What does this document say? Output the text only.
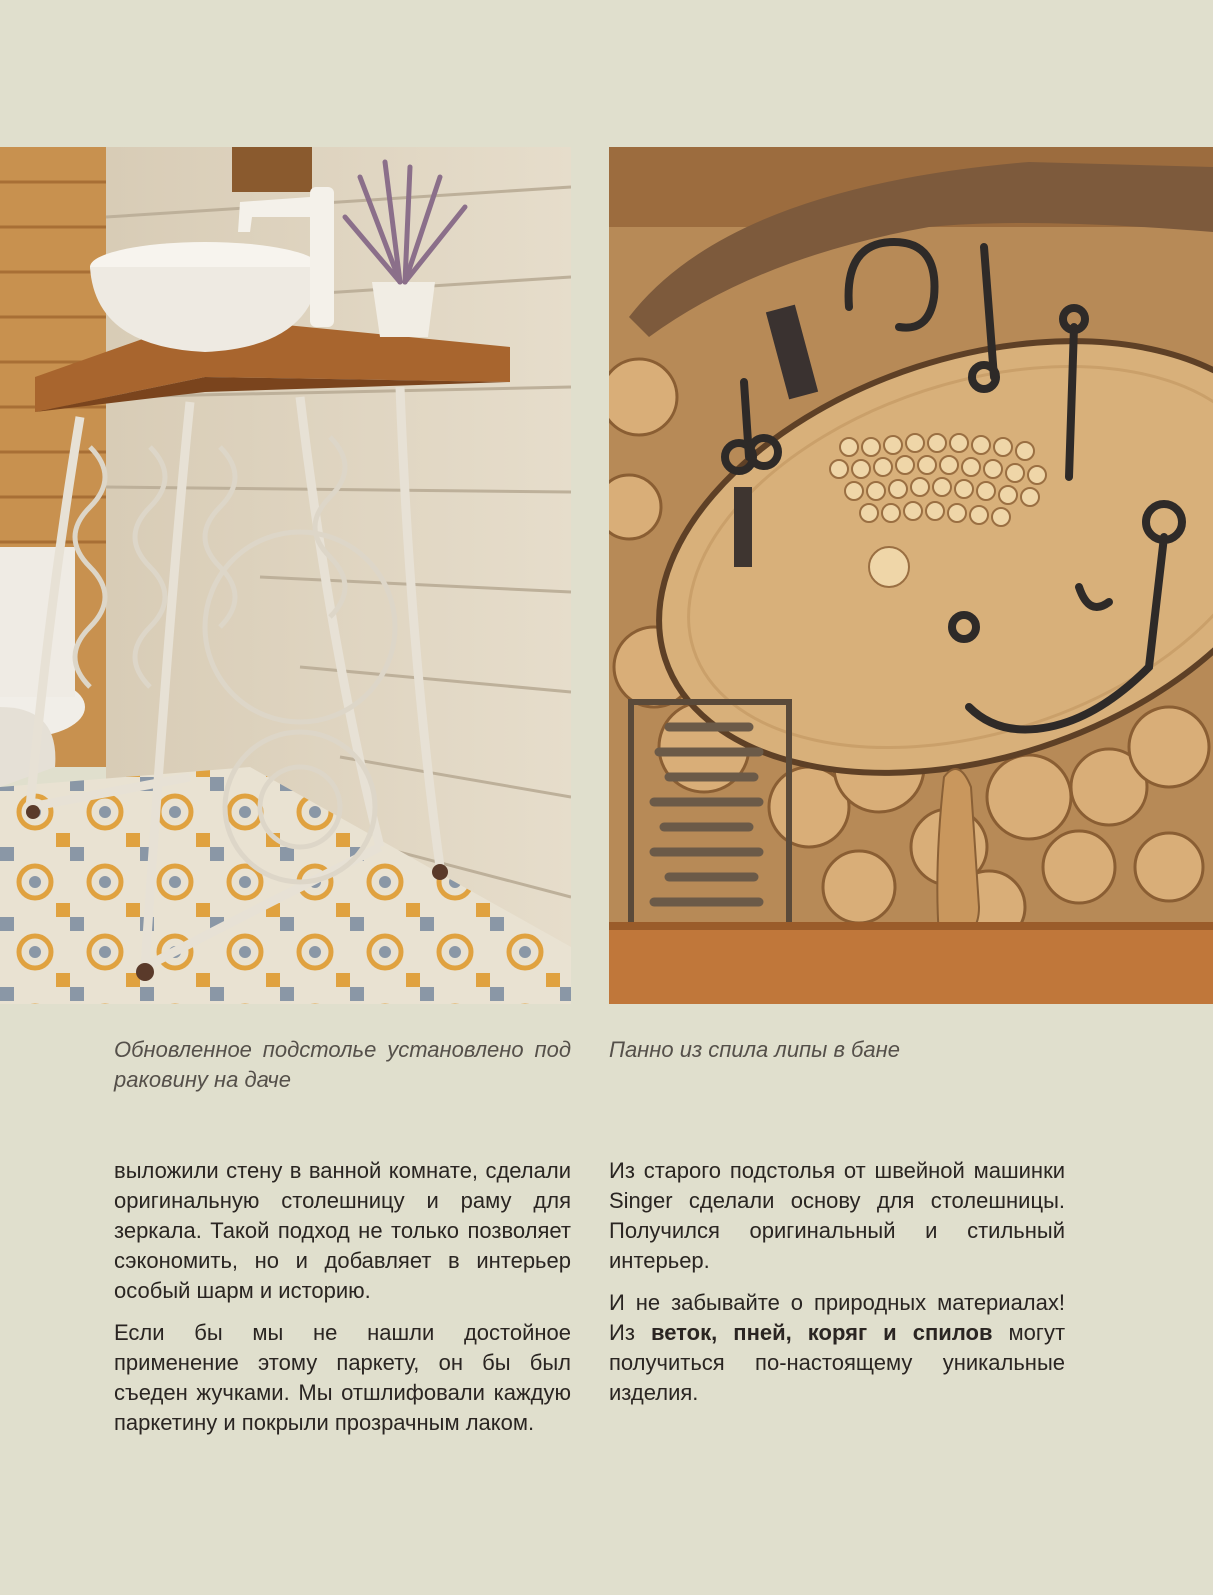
Обновленное подстолье установлено под раковину на даче

Панно из спила липы в бане

выложили стену в ванной комнате, сделали оригинальную столешницу и раму для зеркала. Такой подход не только позволяет сэкономить, но и добавляет в интерьер особый шарм и историю.

Если бы мы не нашли достойное применение этому паркету, он бы был съеден жучками. Мы отшлифовали каждую паркетину и покрыли прозрачным лаком.

Из старого подстолья от швейной машинки Singer сделали основу для столешницы. Получился оригинальный и стильный интерьер.

И не забывайте о природных материалах! Из веток, пней, коряг и спилов могут получиться по-настоящему уникальные изделия.
